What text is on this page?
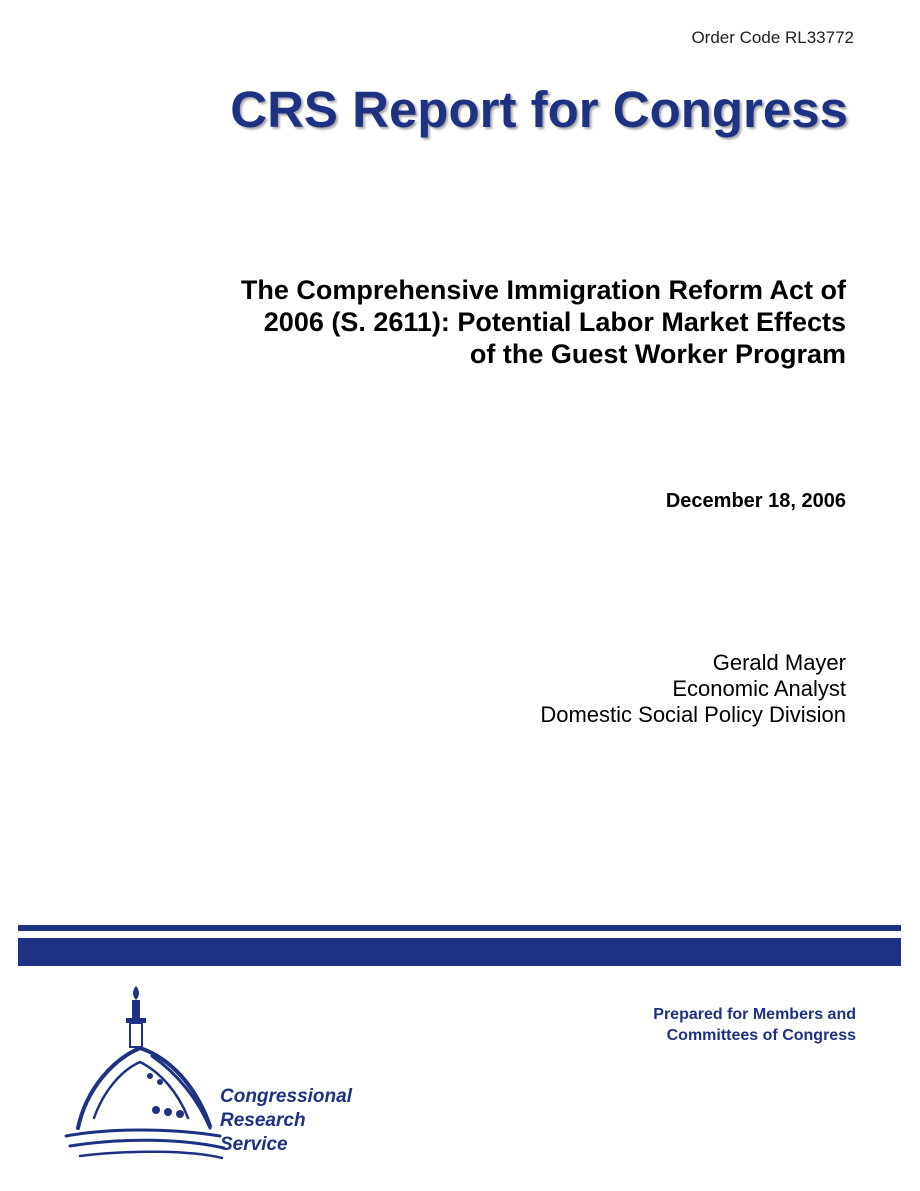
Order Code RL33772
CRS Report for Congress
The Comprehensive Immigration Reform Act of
2006 (S. 2611): Potential Labor Market Effects
of the Guest Worker Program
December 18, 2006
Gerald Mayer
Economic Analyst
Domestic Social Policy Division
Congressional
Research
Service
Prepared for Members and
Committees of Congress
